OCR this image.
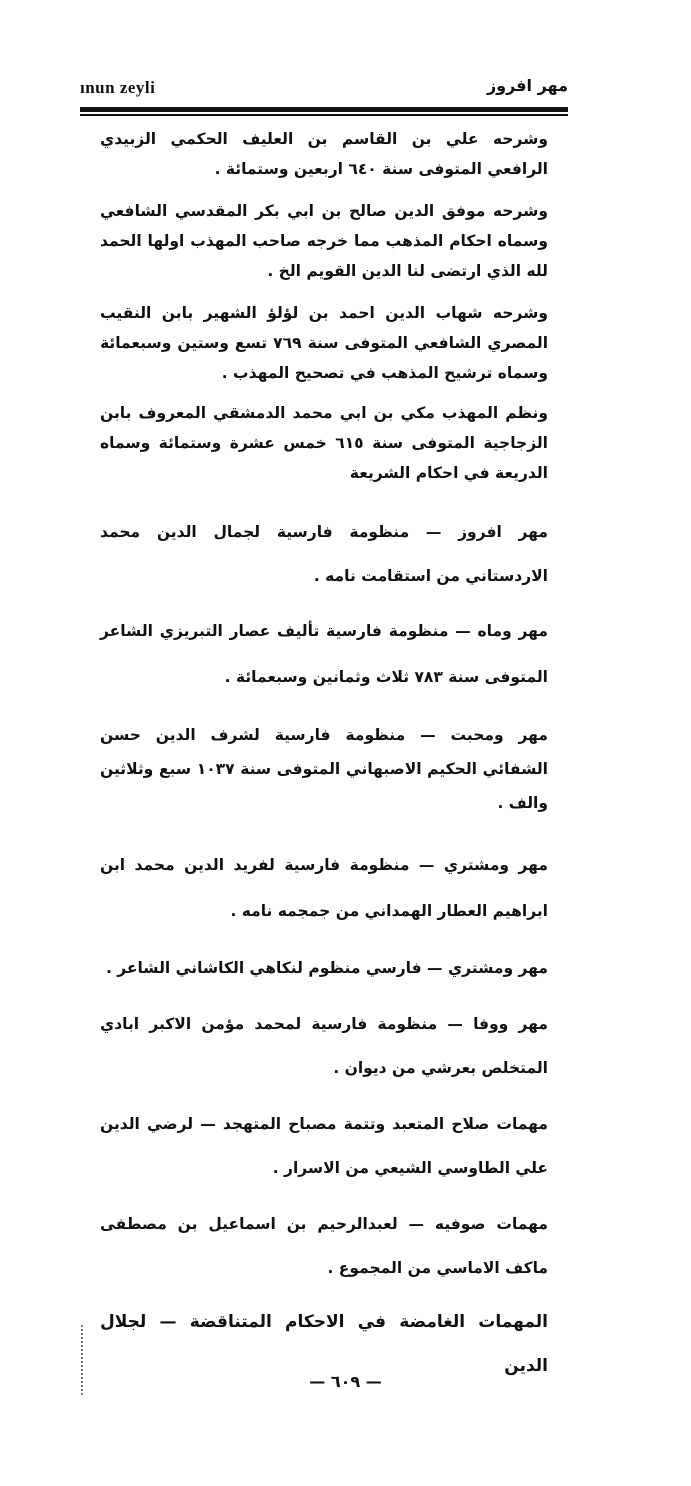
ınun zeyli	مهر افروز

وشرحه علي بن القاسم بن العليف الحكمي الزبيدي الرافعي المتوفى سنة ٦٤٠ اربعين وستمائة .

وشرحه موفق الدين صالح بن ابي بكر المقدسي الشافعي وسماه احكام المذهب مما خرجه صاحب المهذب اولها الحمد لله الذي ارتضى لنا الدين القويم الخ .

وشرحه شهاب الدين احمد بن لؤلؤ الشهير بابن النقيب المصري الشافعي المتوفى سنة ٧٦٩ تسع وستين وسبعمائة وسماه ترشيح المذهب في تصحيح المهذب .

ونظم المهذب مكي بن ابي محمد الدمشقي المعروف بابن الزجاجية المتوفى سنة ٦١٥ خمس عشرة وستمائة وسماه الدريعة في احكام الشريعة

مهر افروز — منظومة فارسية لجمال الدين محمد الاردستاني من استقامت نامه .

مهر وماه — منظومة فارسية تأليف عصار التبريزي الشاعر المتوفى سنة ٧٨٣ ثلاث وثمانين وسبعمائة .

مهر ومحبت — منظومة فارسية لشرف الدين حسن الشفائي الحكيم الاصبهاني المتوفى سنة ١٠٣٧ سبع وثلاثين والف .

مهر ومشتري — منظومة فارسية لفريد الدين محمد ابن ابراهيم العطار الهمداني من جمجمه نامه .

مهر ومشتري — فارسي منظوم لنكاهي الكاشاني الشاعر .

مهر ووفا — منظومة فارسية لمحمد مؤمن الاكبر ابادي المتخلص بعرشي من ديوان .

مهمات صلاح المتعبد وتتمة مصباح المتهجد — لرضي الدين علي الطاوسي الشيعي من الاسرار .

مهمات صوفيه — لعبدالرحيم بن اسماعيل بن مصطفى ماكف الاماسي من المجموع .

المهمات الغامضة في الاحكام المتناقضة — لجلال الدين

— ٦٠٩ —
